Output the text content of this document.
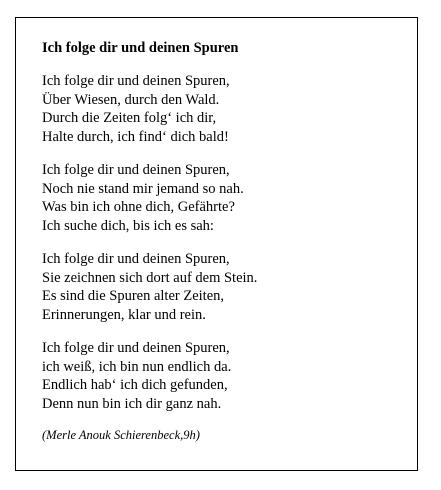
Ich folge dir und deinen Spuren
Ich folge dir und deinen Spuren,
Über Wiesen, durch den Wald.
Durch die Zeiten folg‘ ich dir,
Halte durch, ich find‘ dich bald!
Ich folge dir und deinen Spuren,
Noch nie stand mir jemand so nah.
Was bin ich ohne dich, Gefährte?
Ich suche dich, bis ich es sah:
Ich folge dir und deinen Spuren,
Sie zeichnen sich dort auf dem Stein.
Es sind die Spuren alter Zeiten,
Erinnerungen, klar und rein.
Ich folge dir und deinen Spuren,
ich weiß, ich bin nun endlich da.
Endlich hab‘ ich dich gefunden,
Denn nun bin ich dir ganz nah.
(Merle Anouk Schierenbeck,9h)
